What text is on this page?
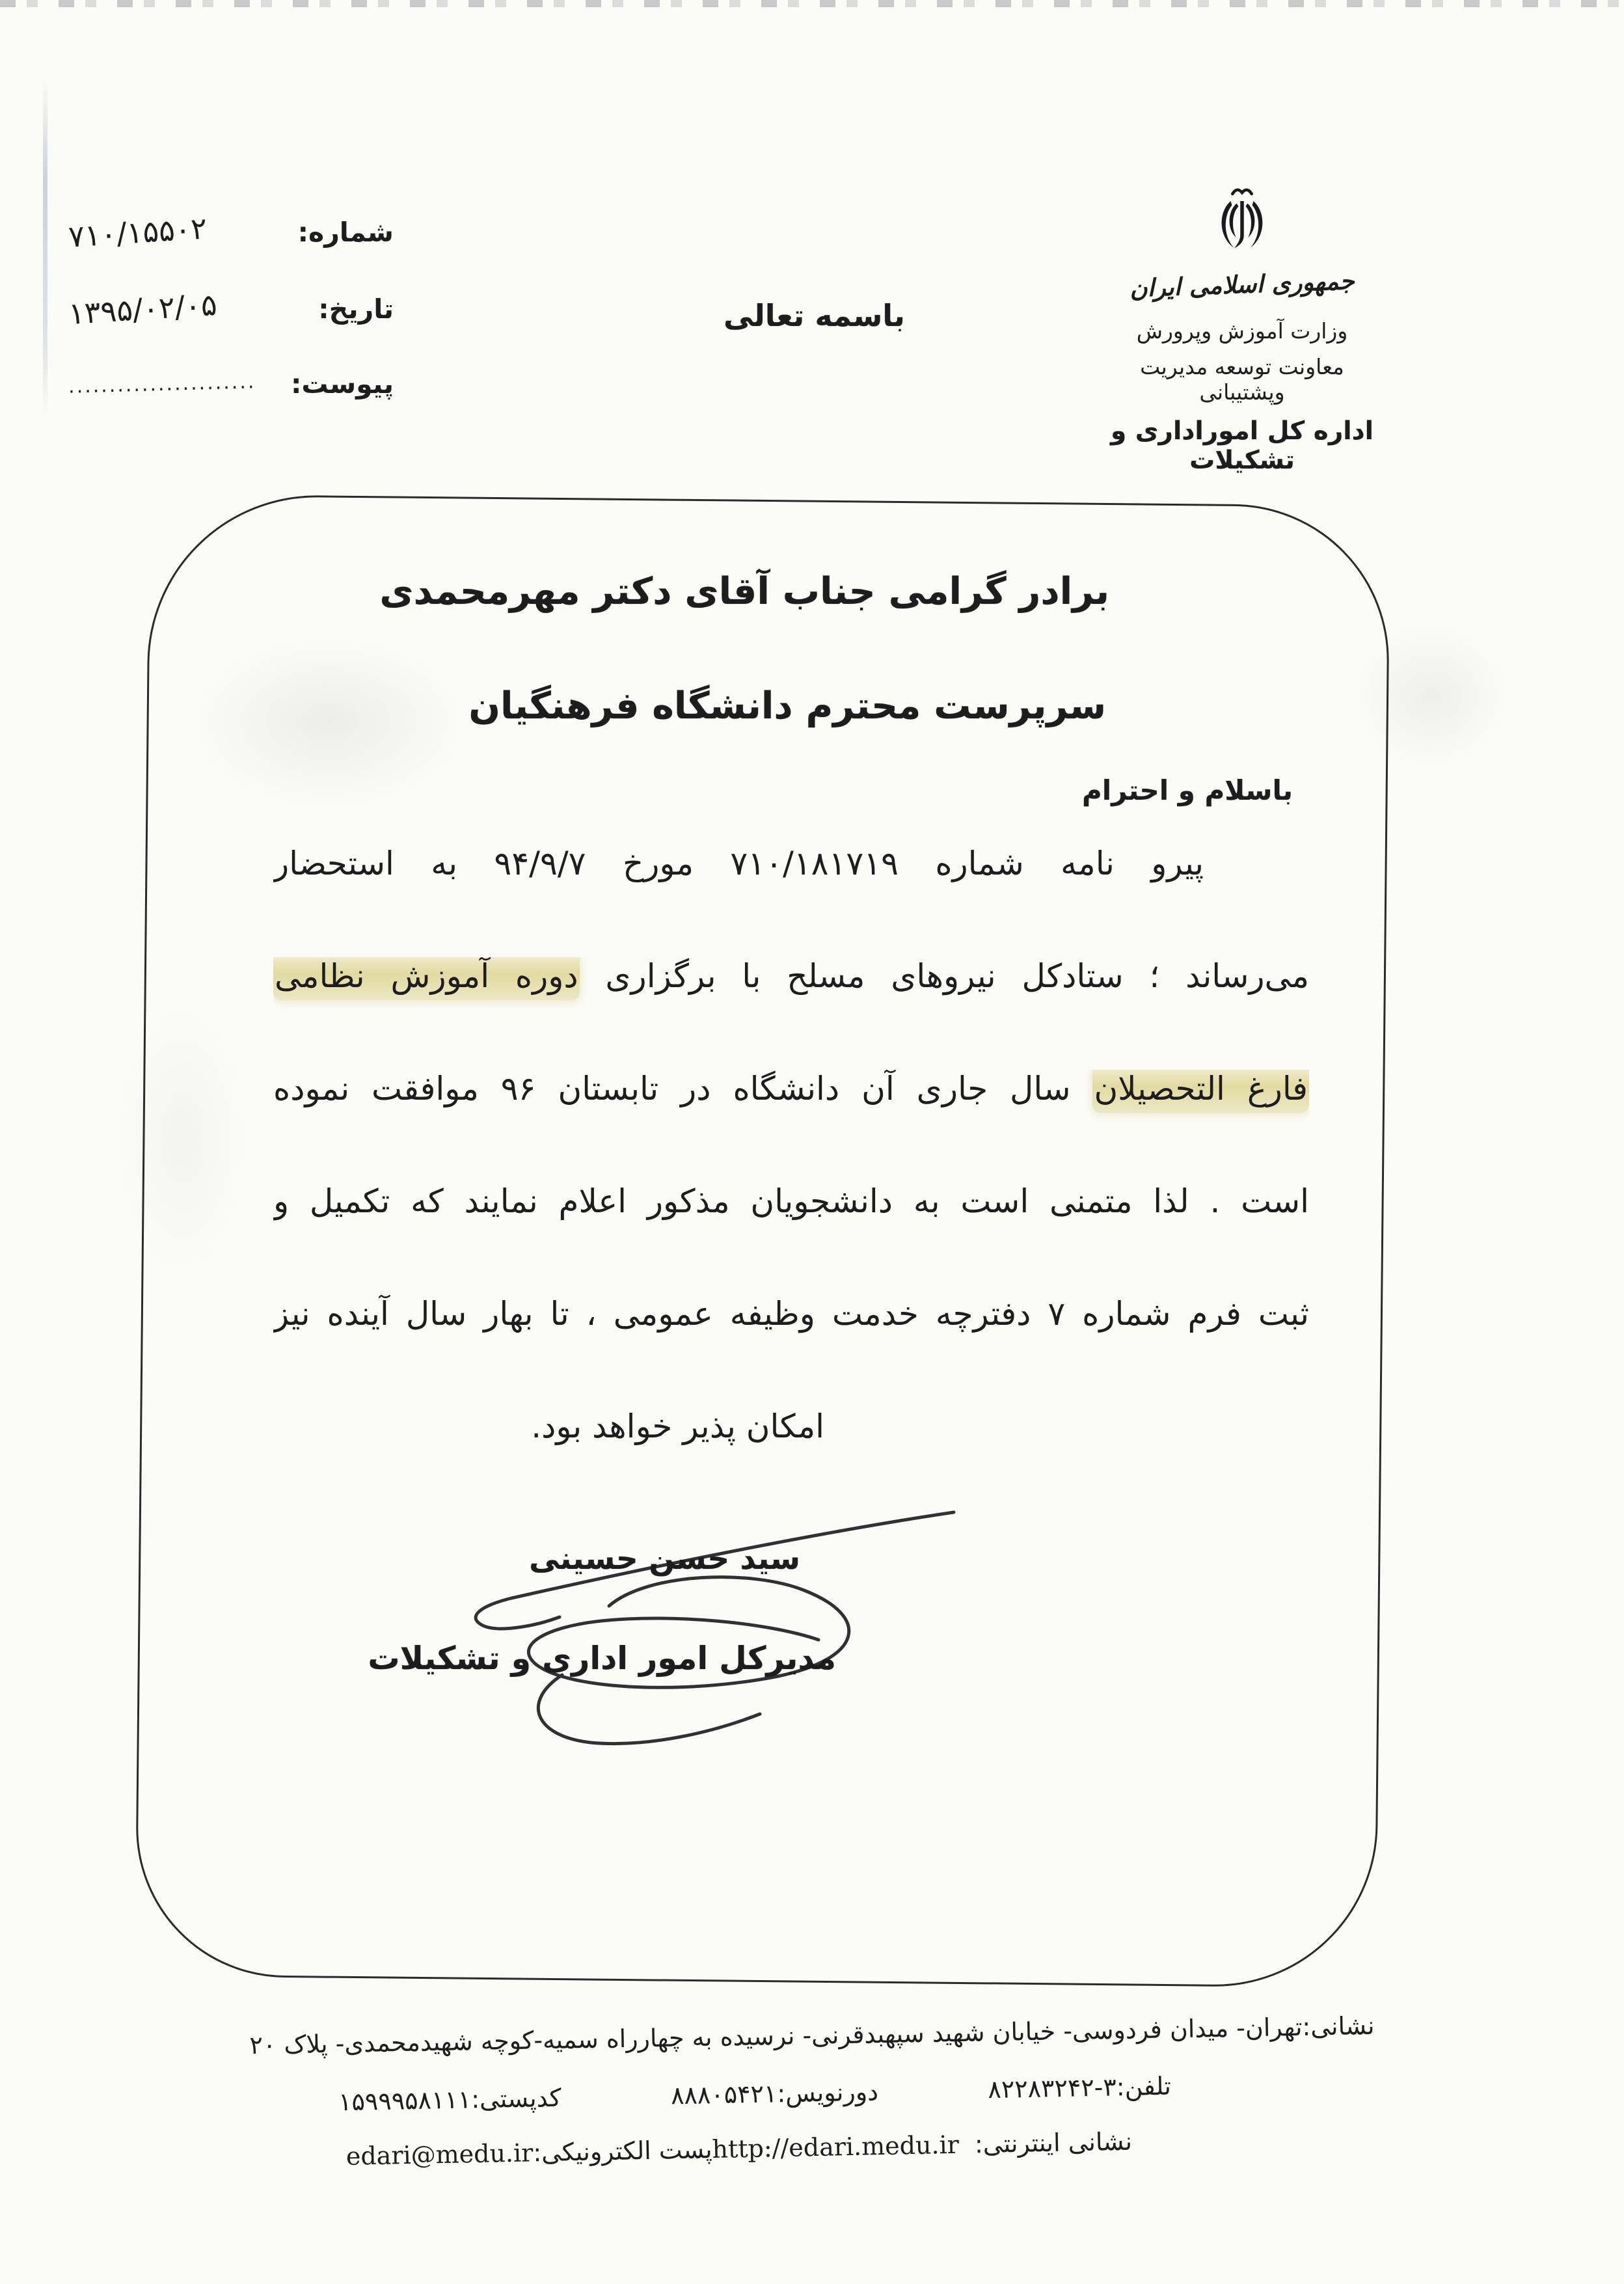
شماره:
۷۱۰/۱۵۵۰۲
تاریخ:
۱۳۹۵/۰۲/۰۵
پیوست:
.......................
باسمه تعالی
جمهوری اسلامی ایران
وزارت آموزش وپرورش
معاونت توسعه مدیریت وپشتیبانی
اداره کل اموراداری و تشکیلات
برادر گرامی جناب آقای دکتر مهرمحمدی
سرپرست محترم دانشگاه فرهنگیان
باسلام و احترام
پیرو نامه شماره ۷۱۰/۱۸۱۷۱۹ مورخ ۹۴/۹/۷ به استحضار
می‌رساند ؛ ستادکل نیروهای مسلح با برگزاری دوره آموزش نظامی
فارغ التحصیلان سال جاری آن دانشگاه در تابستان ۹۶ موافقت نموده
است . لذا متمنی است به دانشجویان مذکور اعلام نمایند که تکمیل و
ثبت فرم شماره ۷ دفترچه خدمت وظیفه عمومی ، تا بهار سال آینده نیز
امکان پذیر خواهد بود.
سید حسن حسینی
مدیرکل امور اداری و تشکیلات
نشانی:تهران- میدان فردوسی- خیابان شهید سپهبدقرنی- نرسیده به چهارراه سمیه-کوچه شهیدمحمدی- پلاک ۲۰
تلفن:۸۲۲۸۳۲۴۲-۳
دورنویس:۸۸۸۰۵۴۲۱
کدپستی:۱۵۹۹۹۵۸۱۱۱
نشانی اینترنتی:  http://edari.medu.ir
پست الکترونیکی:edari@medu.ir
